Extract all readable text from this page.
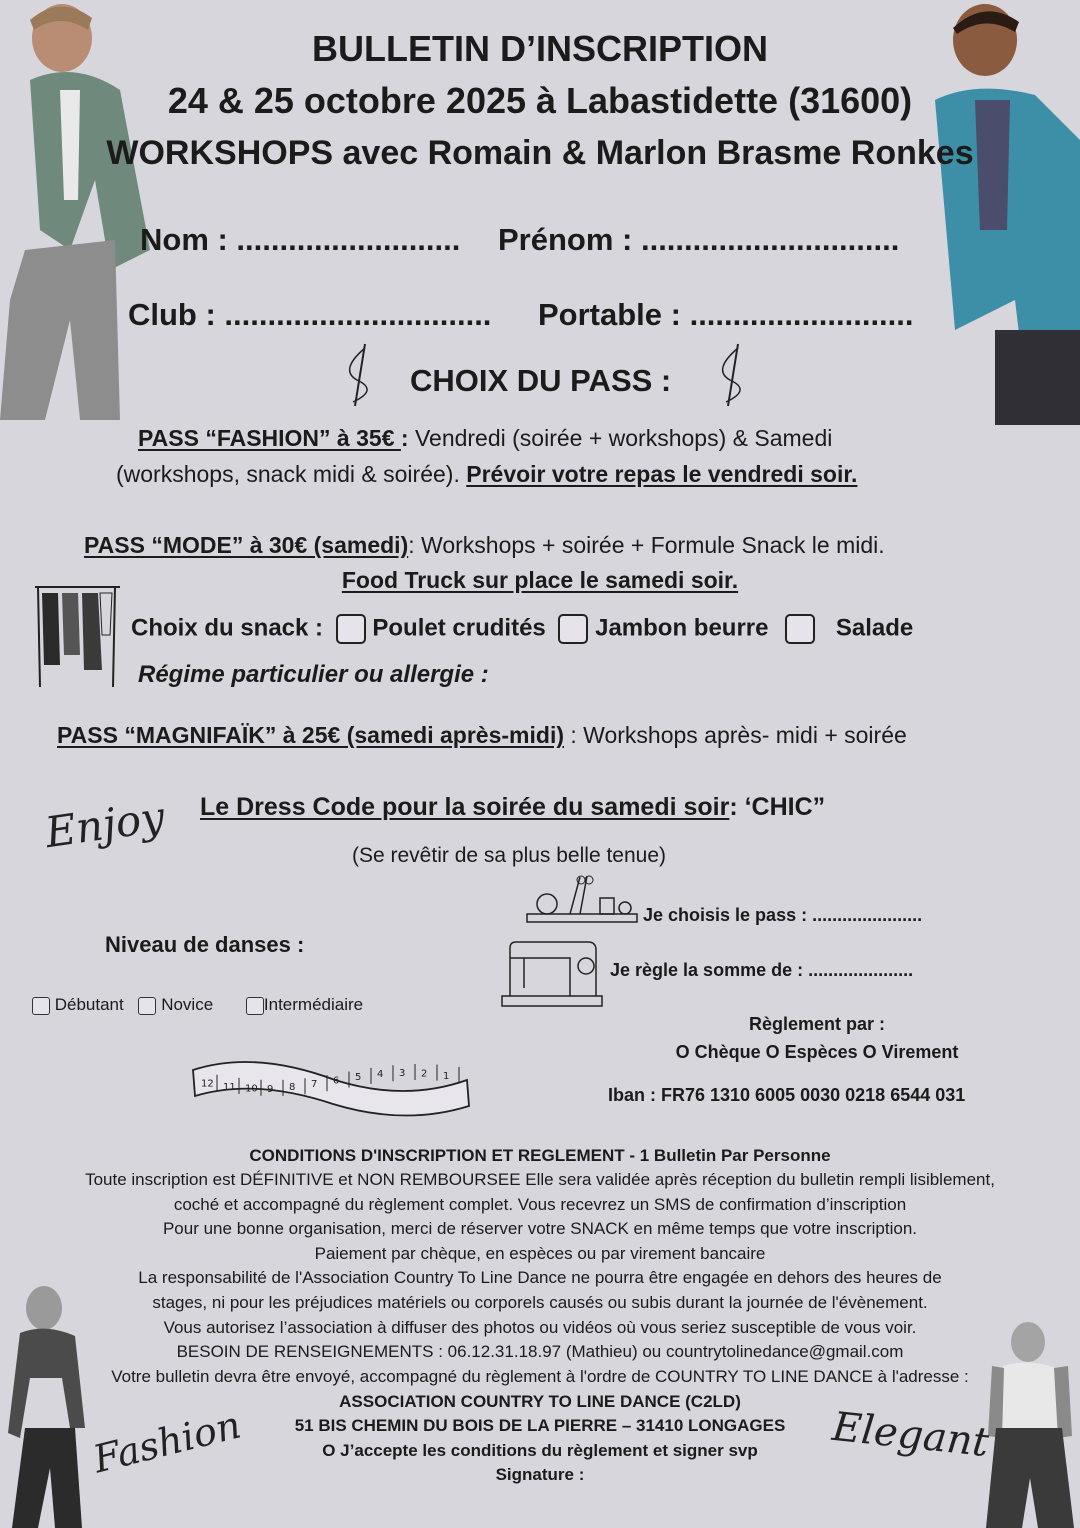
BULLETIN D’INSCRIPTION
24 & 25 octobre 2025 à Labastidette (31600)
WORKSHOPS avec Romain & Marlon Brasme Ronkes
Nom : .......................... Prénom : ..............................
Club : ............................... Portable : ..........................
CHOIX DU PASS :
PASS “FASHION” à 35€ : Vendredi (soirée + workshops) & Samedi
(workshops, snack midi & soirée). Prévoir votre repas le vendredi soir.
PASS “MODE” à 30€ (samedi): Workshops + soirée + Formule Snack le midi.
Food Truck sur place le samedi soir.
Choix du snack : Poulet crudités Jambon beurre	Salade
Régime particulier ou allergie :
PASS “MAGNIFAÏK” à 25€ (samedi après-midi) : Workshops après- midi + soirée
Enjoy Le Dress Code pour la soirée du samedi soir: ‘CHIC”
(Se revêtir de sa plus belle tenue)
Je choisis le pass : ......................
Je règle la somme de : .....................
Niveau de danses :
Débutant Novice	Intermédiaire
Règlement par :
O Chèque O Espèces O Virement
Iban : FR76 1310 6005 0030 0218 6544 031
12 11 10 9 8 7 6 5 4 3 2 1
CONDITIONS D'INSCRIPTION ET REGLEMENT - 1 Bulletin Par Personne
Toute inscription est DÉFINITIVE et NON REMBOURSEE Elle sera validée après réception du bulletin rempli lisiblement,
coché et accompagné du règlement complet. Vous recevrez un SMS de confirmation d’inscription
Pour une bonne organisation, merci de réserver votre SNACK en même temps que votre inscription.
Paiement par chèque, en espèces ou par virement bancaire
La responsabilité de l'Association Country To Line Dance ne pourra être engagée en dehors des heures de
stages, ni pour les préjudices matériels ou corporels causés ou subis durant la journée de l'évènement.
Vous autorisez l’association à diffuser des photos ou vidéos où vous seriez susceptible de vous voir.
BESOIN DE RENSEIGNEMENTS : 06.12.31.18.97 (Mathieu) ou countrytolinedance@gmail.com
Votre bulletin devra être envoyé, accompagné du règlement à l'ordre de COUNTRY TO LINE DANCE à l'adresse :
ASSOCIATION COUNTRY TO LINE DANCE (C2LD)
51 BIS CHEMIN DU BOIS DE LA PIERRE – 31410 LONGAGES
O J’accepte les conditions du règlement et signer svp
Signature :
Fashion	Elegant
